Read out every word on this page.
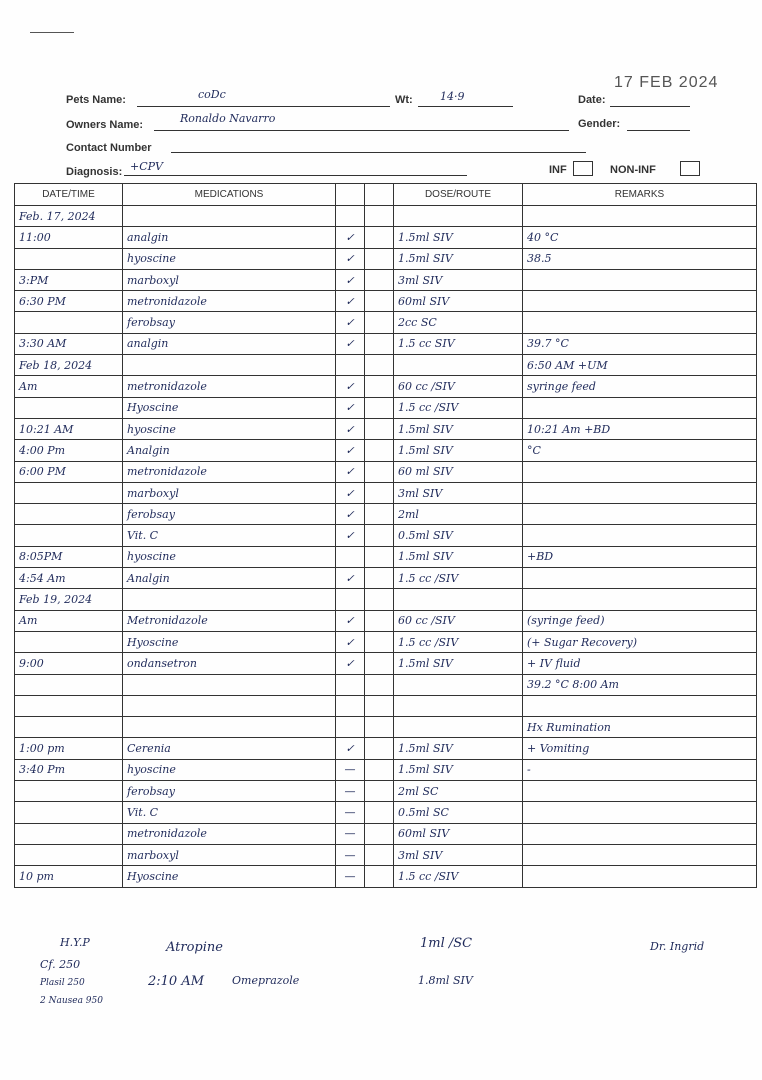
17 FEB 2024
Pets Name:	coDc	Wt: 14·9	Date:
Owners Name:	Ronaldo Navarro	Gender:
Contact Number
Diagnosis: +CPV	INF	NON-INF
DATE/TIME	MEDICATIONS			DOSE/ROUTE	REMARKS
Feb. 17, 2024					
11:00	analgin	✓		1.5ml SIV	40 °C
	hyoscine	✓		1.5ml SIV	38.5
3:PM	marboxyl	✓		3ml SIV	
6:30 PM	metronidazole	✓		60ml SIV	
	ferobsay	✓		2cc SC	
3:30 AM	analgin	✓		1.5 cc SIV	39.7 °C
Feb 18, 2024					6:50 AM +UM
Am	metronidazole	✓		60 cc /SIV	syringe feed
	Hyoscine	✓		1.5 cc /SIV	
10:21 AM	hyoscine	✓		1.5ml SIV	10:21 Am +BD
4:00 Pm	Analgin	✓		1.5ml SIV	°C
6:00 PM	metronidazole	✓		60 ml SIV	
	marboxyl	✓		3ml SIV	
	ferobsay	✓		2ml	
	Vit. C	✓		0.5ml SIV	
8:05PM	hyoscine			1.5ml SIV	+BD
4:54 Am	Analgin	✓		1.5 cc /SIV	
Feb 19, 2024					
Am	Metronidazole	✓		60 cc /SIV	(syringe feed)
	Hyoscine	✓		1.5 cc /SIV	(+ Sugar Recovery)
9:00	ondansetron	✓		1.5ml SIV	+ IV fluid
					39.2 °C 8:00 Am

					Hx Rumination
1:00 pm	Cerenia	✓		1.5ml SIV	+ Vomiting
3:40 Pm	hyoscine	—		1.5ml SIV	-
	ferobsay	—		2ml SC	
	Vit. C	—		0.5ml SC	
	metronidazole	—		60ml SIV	
	marboxyl	—		3ml SIV	
10 pm	Hyoscine	—		1.5 cc /SIV	
H.Y.P
Cf. 250
Plasil 250
2 Nausea 950
Atropine	1ml /SC	Dr. Ingrid
2:10 AM	Omeprazole	1.8ml SIV
